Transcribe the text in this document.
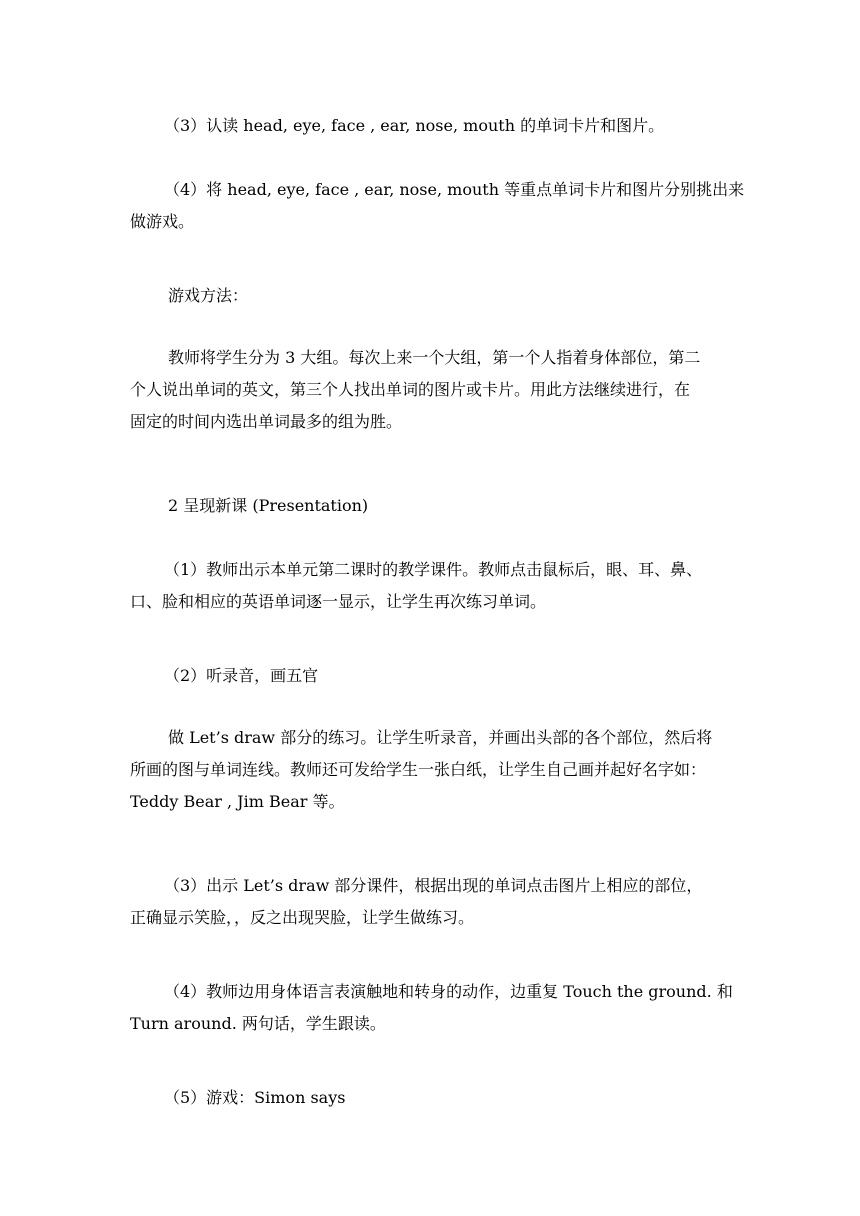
（3）认读 head, eye, face , ear, nose, mouth 的单词卡片和图片。
（4）将 head, eye, face , ear, nose, mouth 等重点单词卡片和图片分别挑出来
做游戏。
游戏方法：
教师将学生分为 3 大组。每次上来一个大组，第一个人指着身体部位，第二
个人说出单词的英文，第三个人找出单词的图片或卡片。用此方法继续进行，在
固定的时间内选出单词最多的组为胜。
2 呈现新课 (Presentation)
（1）教师出示本单元第二课时的教学课件。教师点击鼠标后，眼、耳、鼻、
口、脸和相应的英语单词逐一显示，让学生再次练习单词。
（2）听录音，画五官
做 Let’s draw 部分的练习。让学生听录音，并画出头部的各个部位，然后将
所画的图与单词连线。教师还可发给学生一张白纸，让学生自己画并起好名字如：
Teddy Bear , Jim Bear 等。
（3）出示 Let’s draw 部分课件，根据出现的单词点击图片上相应的部位，
正确显示笑脸，，反之出现哭脸，让学生做练习。
（4）教师边用身体语言表演触地和转身的动作，边重复 Touch the ground. 和
Turn around. 两句话，学生跟读。
（5）游戏：Simon says
